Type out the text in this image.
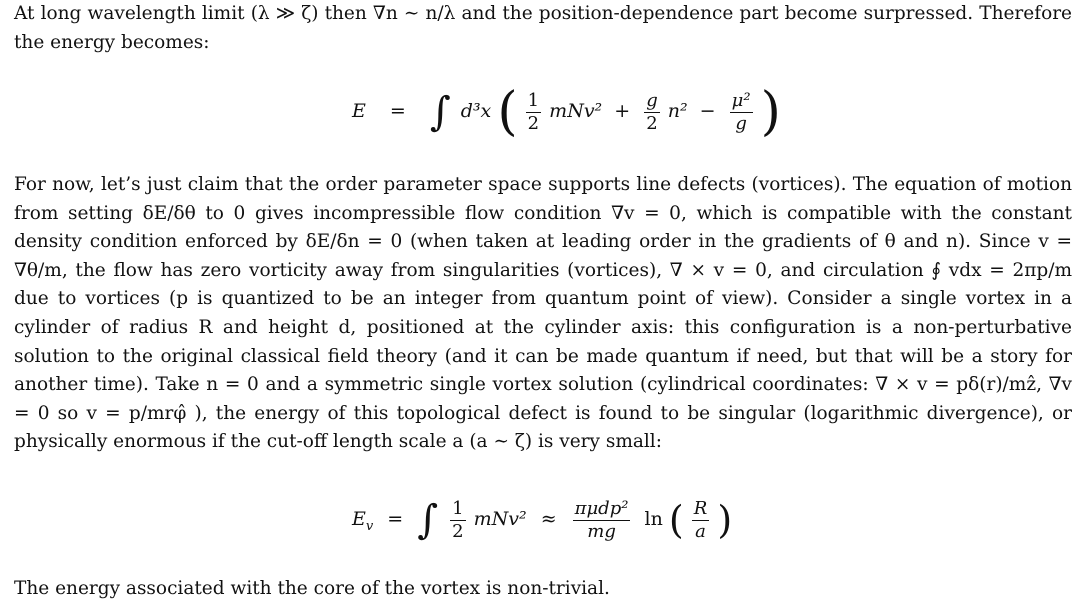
At long wavelength limit (λ ≫ ζ) then ∇n ∼ n/λ and the position-dependence part become surpressed. Therefore the energy becomes:

E = ∫ d³x ( $\frac{1}{2} mNv^2 + \frac{g}{2} n^2 - \frac{\text{μ²}}{g}$ )

For now, let’s just claim that the order parameter space supports line defects (vortices). The equation of motion from setting δE/δθ to 0 gives incompressible flow condition ∇v = 0, which is compatible with the constant density condition enforced by δE/δn = 0 (when taken at leading order in the gradients of θ and n). Since v = ∇θ/m, the flow has zero vorticity away from singularities (vortices), ∇ × v = 0, and circulation ∮ vdx = 2πp/m due to vortices (p is quantized to be an integer from quantum point of view). Consider a single vortex in a cylinder of radius R and height d, positioned at the cylinder axis: this configuration is a non-perturbative solution to the original classical field theory (and it can be made quantum if need, but that will be a story for another time). Take n = 0 and a symmetric single vortex solution (cylindrical coordinates: ∇ × v = pδ(r)/mẑ, ∇v = 0 so v = p/mrφ̂ ), the energy of this topological defect is found to be singular (logarithmic divergence), or physically enormous if the cut-off length scale a (a ∼ ζ) is very small:

$E_v$ = ∫ $\frac{1}{2} mNv^2 \approx \frac{\text{πμdp²}}{mg}$ ln ( $\frac{R}{a}$ )

The energy associated with the core of the vortex is non-trivial.
